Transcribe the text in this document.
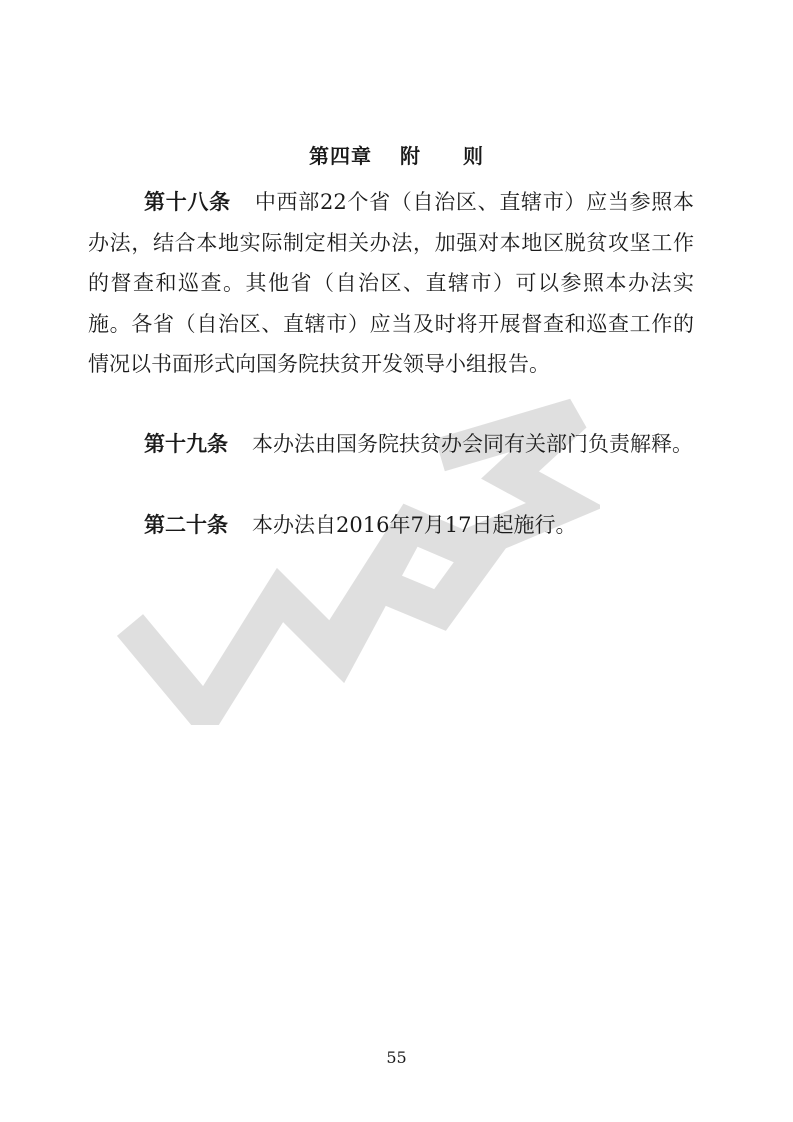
第四章 附 则

第十八条 中西部22个省（自治区、直辖市）应当参照本办法，结合本地实际制定相关办法，加强对本地区脱贫攻坚工作的督查和巡查。其他省（自治区、直辖市）可以参照本办法实施。各省（自治区、直辖市）应当及时将开展督查和巡查工作的情况以书面形式向国务院扶贫开发领导小组报告。

第十九条 本办法由国务院扶贫办会同有关部门负责解释。

第二十条 本办法自2016年7月17日起施行。

55
